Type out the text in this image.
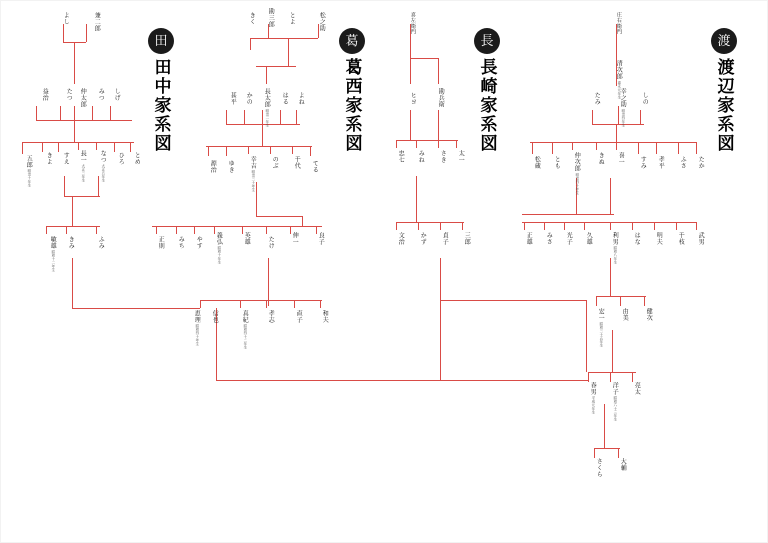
よし	兼二郎
益治	たつ 仲太郎 みつ しげ
五郎
明治十年生
きよ すえ 長一
大正三年生
なつ
大正五年生
ひろ とめ
敏雄
昭和十二年生
きみ	ふみ	正則 みち やす 義弘
昭和十年生
英雄	たけ	伸一	良子
恵理
昭和四十年生
信也	真紀
昭和四十二年生
孝志	直子	和夫
きく 勘三郎 とよ	松之助
甚平 かの 長太郎
明治二年生
はる よね
源治 ゆき	幸吉
明治三十年生
のぶ	千代 てる
喜左衛門
ヒヨ	勘兵衛
忠七 みね	さき 太一
文治	かず	貞子	三郎
庄右衛門
清次郎
嘉永元年生
たみ	幸之助
明治四年生
しの
松蔵 とも 仲次郎
明治四十年生
きぬ 喜一	すみ 孝平	ふさ たか
正雄 みさ 光子 久雄	利男
昭和八年生
はな	明夫	千枝 武男
宏一
昭和三十五年生
由美	健次
春男
平成元年生
洋子
昭和六十三年生
亮太
さくら	大輔
田
田中家系図
葛
葛西家系図
長
長崎家系図
渡
渡辺家系図
